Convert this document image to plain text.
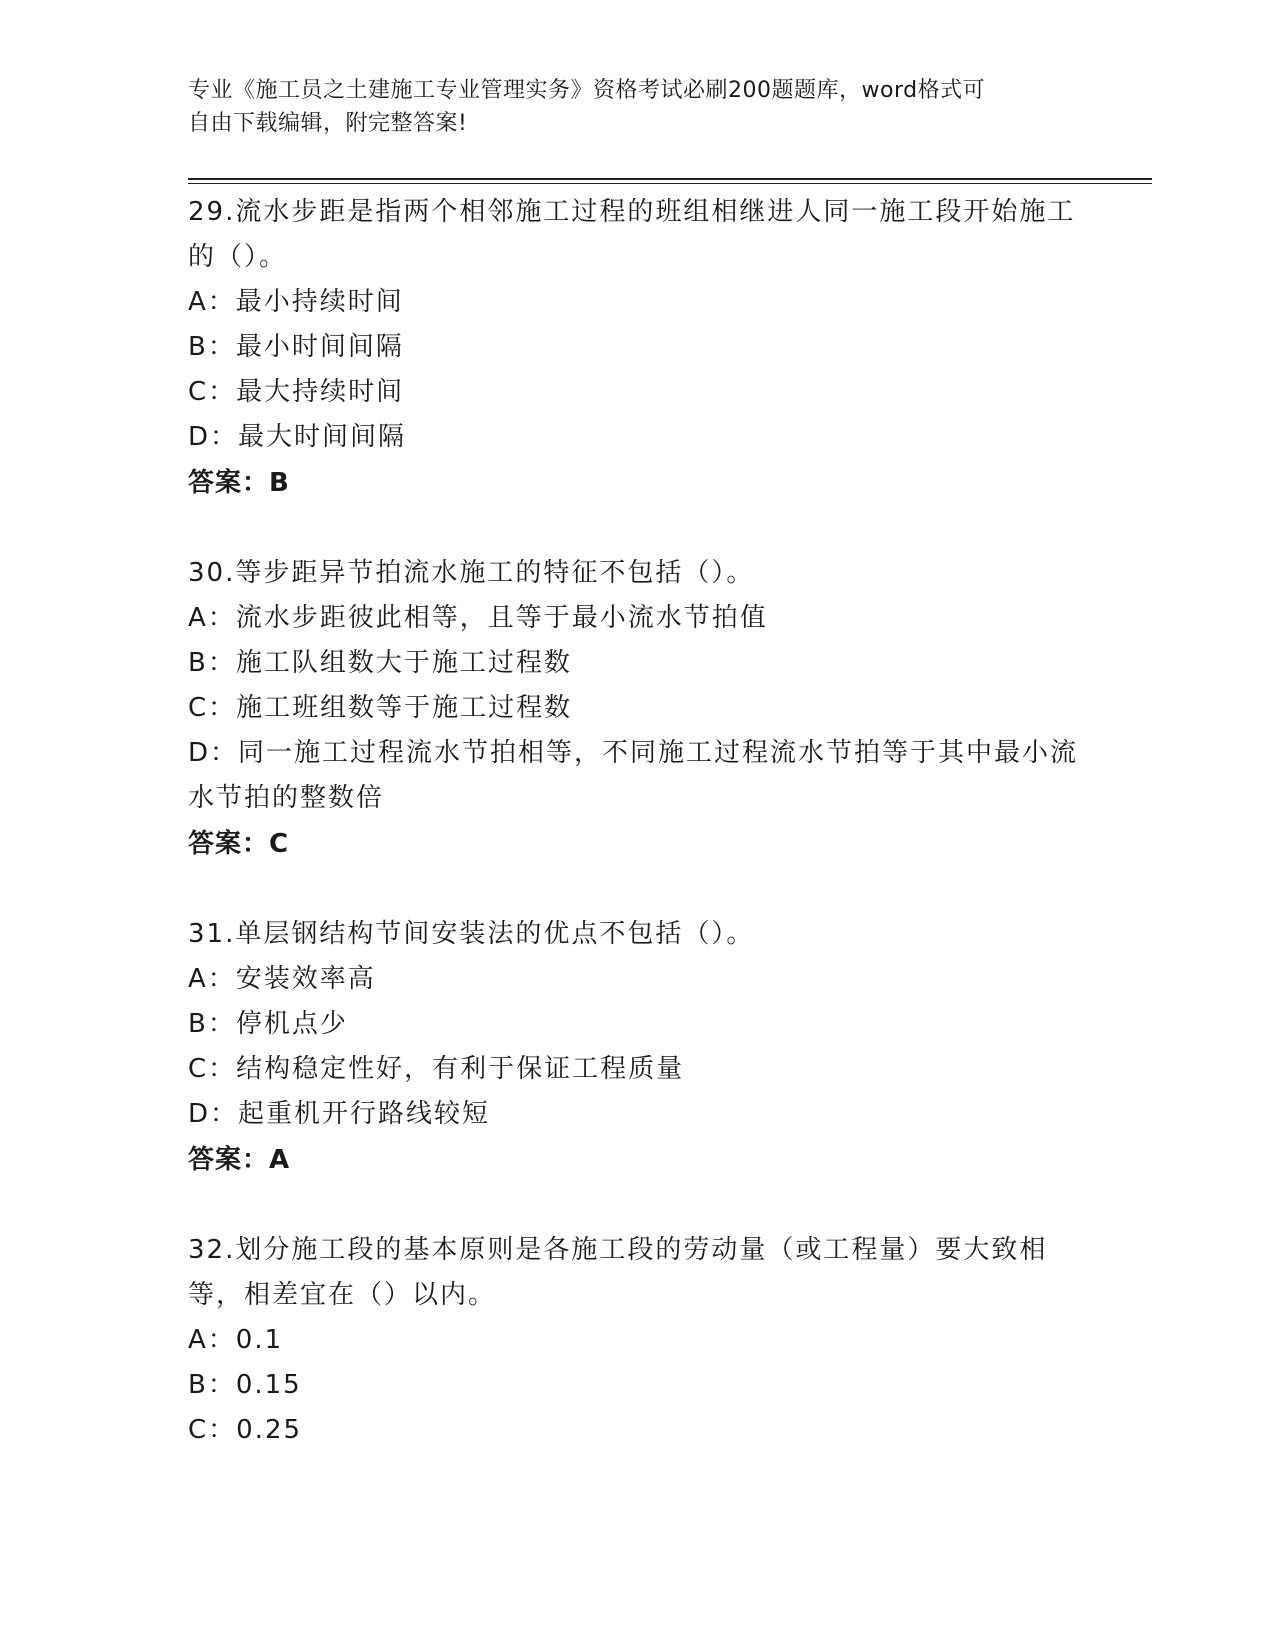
专业《施工员之土建施工专业管理实务》资格考试必刷200题题库，word格式可
自由下载编辑，附完整答案!
29.流水步距是指两个相邻施工过程的班组相继进人同一施工段开始施工的（）。
A：最小持续时间
B：最小时间间隔
C：最大持续时间
D：最大时间间隔
答案：B
30.等步距异节拍流水施工的特征不包括（）。
A：流水步距彼此相等，且等于最小流水节拍值
B：施工队组数大于施工过程数
C：施工班组数等于施工过程数
D：同一施工过程流水节拍相等，不同施工过程流水节拍等于其中最小流水节拍的整数倍
答案：C
31.单层钢结构节间安装法的优点不包括（）。
A：安装效率高
B：停机点少
C：结构稳定性好，有利于保证工程质量
D：起重机开行路线较短
答案：A
32.划分施工段的基本原则是各施工段的劳动量（或工程量）要大致相等，相差宜在（）以内。
A：0.1
B：0.15
C：0.25
